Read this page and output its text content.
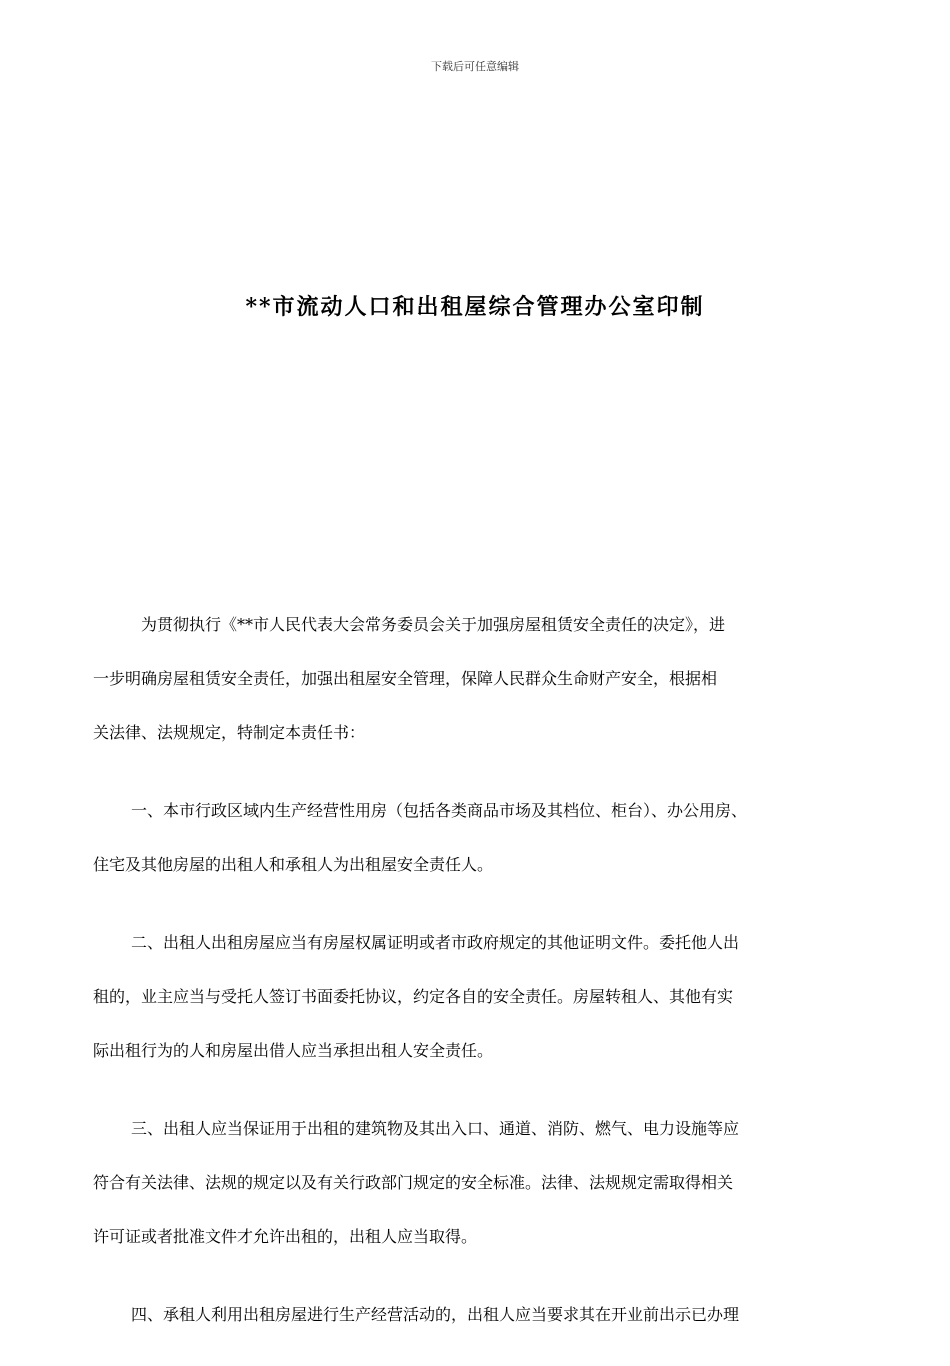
下载后可任意编辑
**市流动人口和出租屋综合管理办公室印制
为贯彻执行《**市人民代表大会常务委员会关于加强房屋租赁安全责任的决定》，进
一步明确房屋租赁安全责任，加强出租屋安全管理，保障人民群众生命财产安全，根据相
关法律、法规规定，特制定本责任书：
一、本市行政区域内生产经营性用房（包括各类商品市场及其档位、柜台）、办公用房、
住宅及其他房屋的出租人和承租人为出租屋安全责任人。
二、出租人出租房屋应当有房屋权属证明或者市政府规定的其他证明文件。委托他人出
租的，业主应当与受托人签订书面委托协议，约定各自的安全责任。房屋转租人、其他有实
际出租行为的人和房屋出借人应当承担出租人安全责任。
三、出租人应当保证用于出租的建筑物及其出入口、通道、消防、燃气、电力设施等应
符合有关法律、法规的规定以及有关行政部门规定的安全标准。法律、法规规定需取得相关
许可证或者批准文件才允许出租的，出租人应当取得。
四、承租人利用出租房屋进行生产经营活动的，出租人应当要求其在开业前出示已办理
